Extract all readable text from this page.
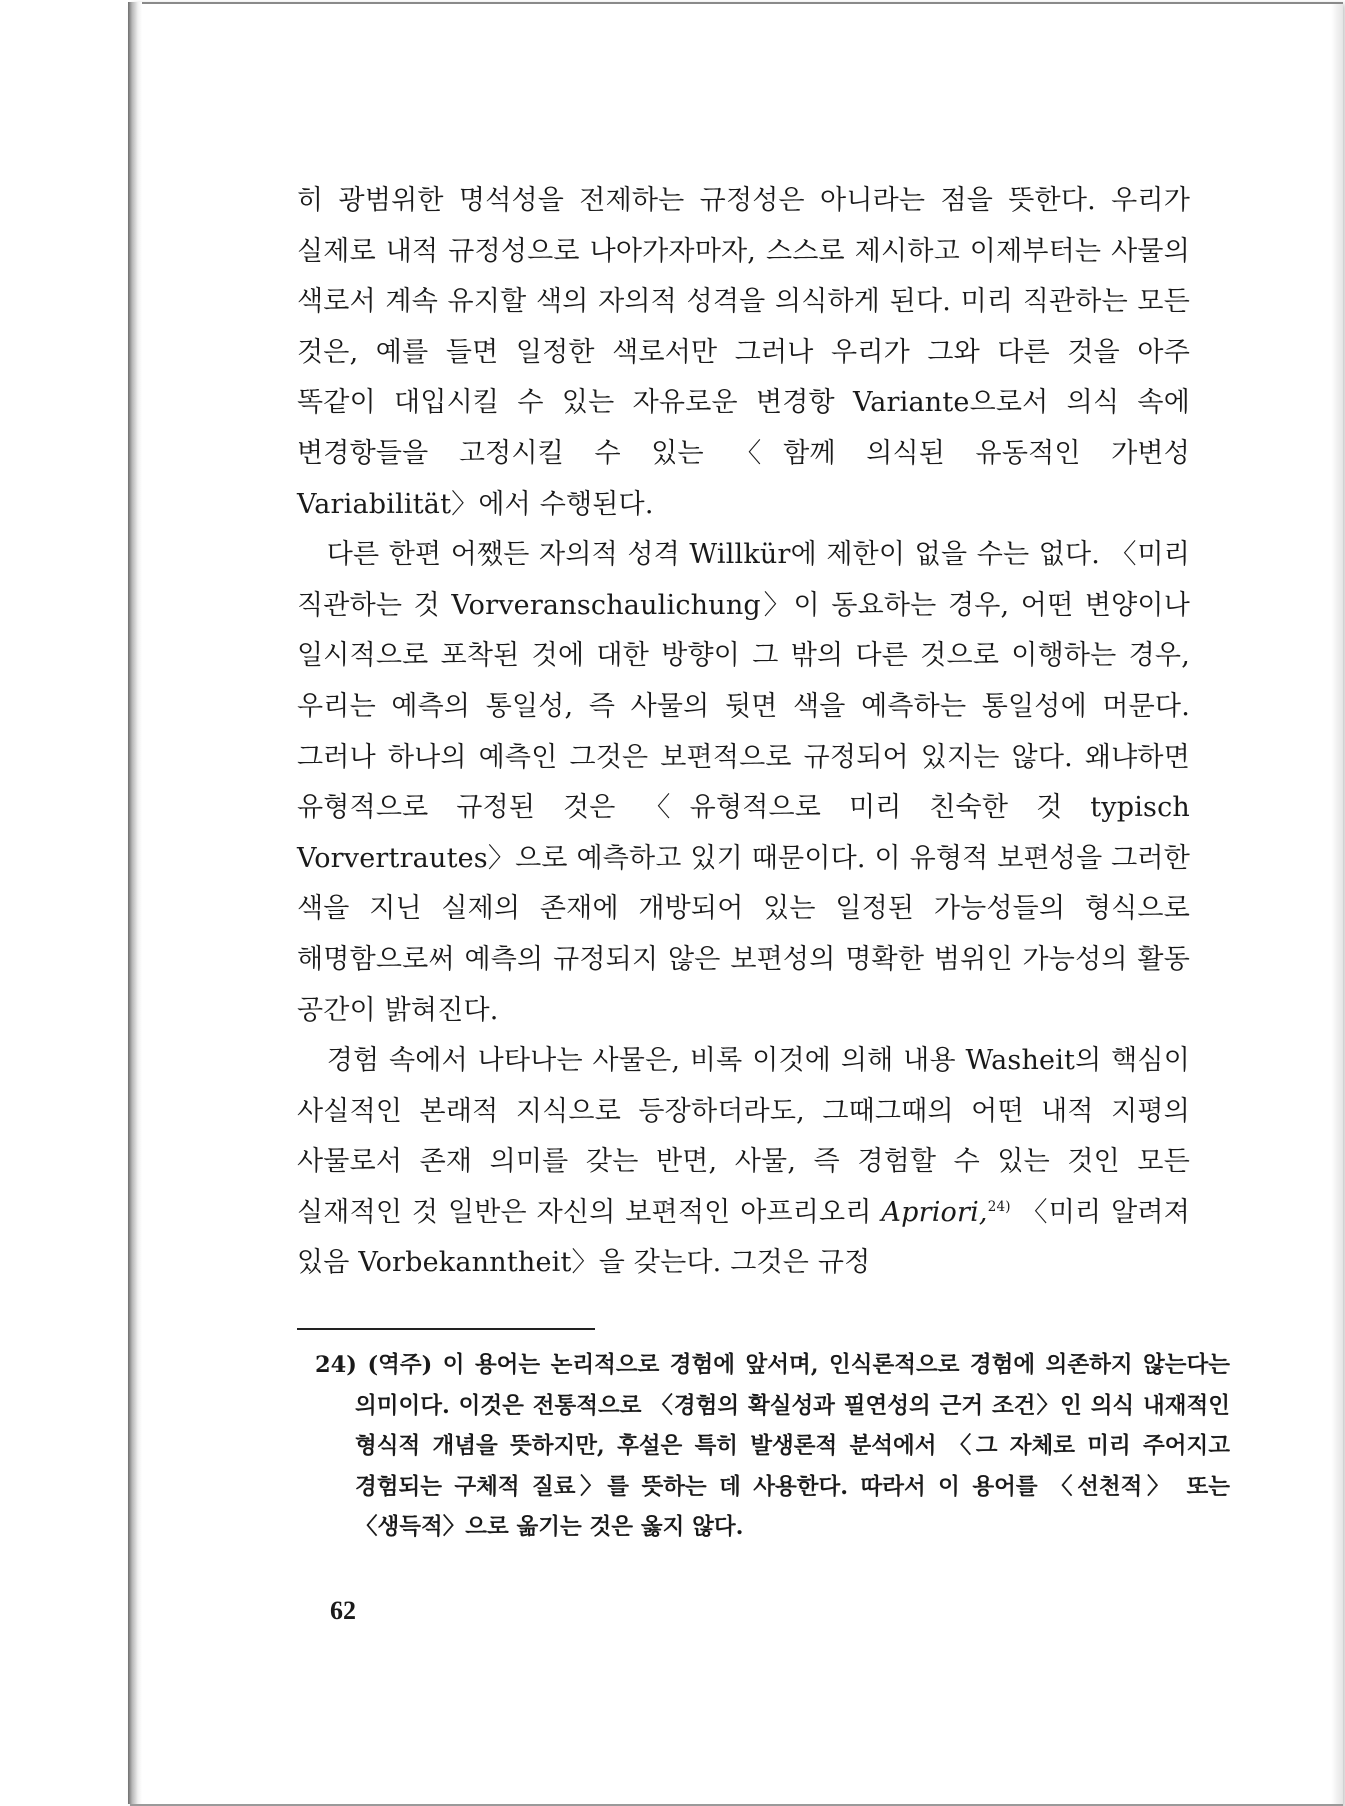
히 광범위한 명석성을 전제하는 규정성은 아니라는 점을 뜻한다. 우리가 실제로 내적 규정성으로 나아가자마자, 스스로 제시하고 이제부터는 사물의 색로서 계속 유지할 색의 자의적 성격을 의식하게 된다. 미리 직관하는 모든 것은, 예를 들면 일정한 색로서만 그러나 우리가 그와 다른 것을 아주 똑같이 대입시킬 수 있는 자유로운 변경항 Variante으로서 의식 속에 변경항들을 고정시킬 수 있는 〈함께 의식된 유동적인 가변성 Variabilität〉에서 수행된다.

다른 한편 어쨌든 자의적 성격 Willkür에 제한이 없을 수는 없다. 〈미리 직관하는 것 Vorveranschaulichung〉이 동요하는 경우, 어떤 변양이나 일시적으로 포착된 것에 대한 방향이 그 밖의 다른 것으로 이행하는 경우, 우리는 예측의 통일성, 즉 사물의 뒷면 색을 예측하는 통일성에 머문다. 그러나 하나의 예측인 그것은 보편적으로 규정되어 있지는 않다. 왜냐하면 유형적으로 규정된 것은 〈유형적으로 미리 친숙한 것 typisch Vorvertrautes〉으로 예측하고 있기 때문이다. 이 유형적 보편성을 그러한 색을 지닌 실제의 존재에 개방되어 있는 일정된 가능성들의 형식으로 해명함으로써 예측의 규정되지 않은 보편성의 명확한 범위인 가능성의 활동 공간이 밝혀진다.

경험 속에서 나타나는 사물은, 비록 이것에 의해 내용 Washeit의 핵심이 사실적인 본래적 지식으로 등장하더라도, 그때그때의 어떤 내적 지평의 사물로서 존재 의미를 갖는 반면, 사물, 즉 경험할 수 있는 것인 모든 실재적인 것 일반은 자신의 보편적인 아프리오리 Apriori,$^{24)}$ 〈미리 알려져 있음 Vorbekanntheit〉을 갖는다. 그것은 규정

24) (역주) 이 용어는 논리적으로 경험에 앞서며, 인식론적으로 경험에 의존하지 않는다는 의미이다. 이것은 전통적으로 〈경험의 확실성과 필연성의 근거 조건〉인 의식 내재적인 형식적 개념을 뜻하지만, 후설은 특히 발생론적 분석에서 〈그 자체로 미리 주어지고 경험되는 구체적 질료〉를 뜻하는 데 사용한다. 따라서 이 용어를 〈선천적〉 또는 〈생득적〉으로 옮기는 것은 옳지 않다.
62
